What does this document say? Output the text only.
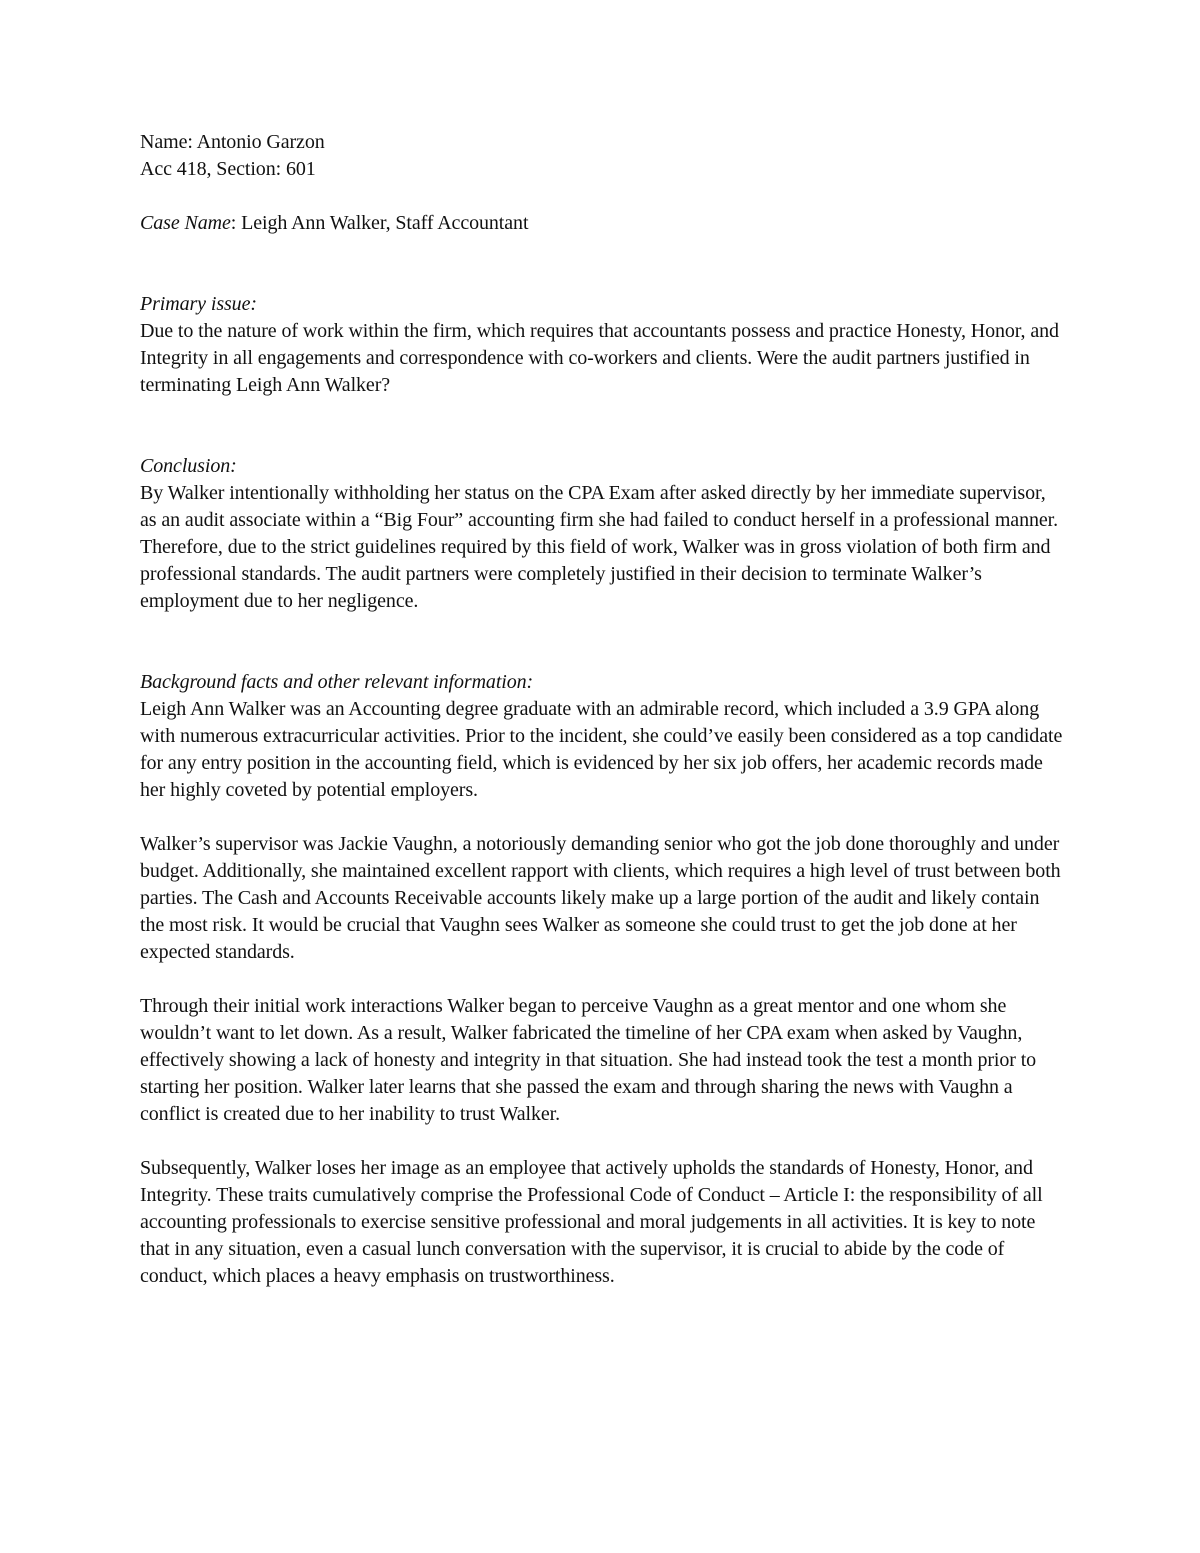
Name: Antonio Garzon

Acc 418, Section: 601

Case Name: Leigh Ann Walker, Staff Accountant

Primary issue:

Due to the nature of work within the firm, which requires that accountants possess and practice Honesty, Honor, and Integrity in all engagements and correspondence with co-workers and clients. Were the audit partners justified in terminating Leigh Ann Walker?

Conclusion:

By Walker intentionally withholding her status on the CPA Exam after asked directly by her immediate supervisor, as an audit associate within a “Big Four” accounting firm she had failed to conduct herself in a professional manner. Therefore, due to the strict guidelines required by this field of work, Walker was in gross violation of both firm and professional standards. The audit partners were completely justified in their decision to terminate Walker’s employment due to her negligence.

Background facts and other relevant information:

Leigh Ann Walker was an Accounting degree graduate with an admirable record, which included a 3.9 GPA along with numerous extracurricular activities. Prior to the incident, she could’ve easily been considered as a top candidate for any entry position in the accounting field, which is evidenced by her six job offers, her academic records made her highly coveted by potential employers.

Walker’s supervisor was Jackie Vaughn, a notoriously demanding senior who got the job done thoroughly and under budget. Additionally, she maintained excellent rapport with clients, which requires a high level of trust between both parties. The Cash and Accounts Receivable accounts likely make up a large portion of the audit and likely contain the most risk. It would be crucial that Vaughn sees Walker as someone she could trust to get the job done at her expected standards.

Through their initial work interactions Walker began to perceive Vaughn as a great mentor and one whom she wouldn’t want to let down. As a result, Walker fabricated the timeline of her CPA exam when asked by Vaughn, effectively showing a lack of honesty and integrity in that situation. She had instead took the test a month prior to starting her position. Walker later learns that she passed the exam and through sharing the news with Vaughn a conflict is created due to her inability to trust Walker.

Subsequently, Walker loses her image as an employee that actively upholds the standards of Honesty, Honor, and Integrity. These traits cumulatively comprise the Professional Code of Conduct – Article I: the responsibility of all accounting professionals to exercise sensitive professional and moral judgements in all activities. It is key to note that in any situation, even a casual lunch conversation with the supervisor, it is crucial to abide by the code of conduct, which places a heavy emphasis on trustworthiness.
